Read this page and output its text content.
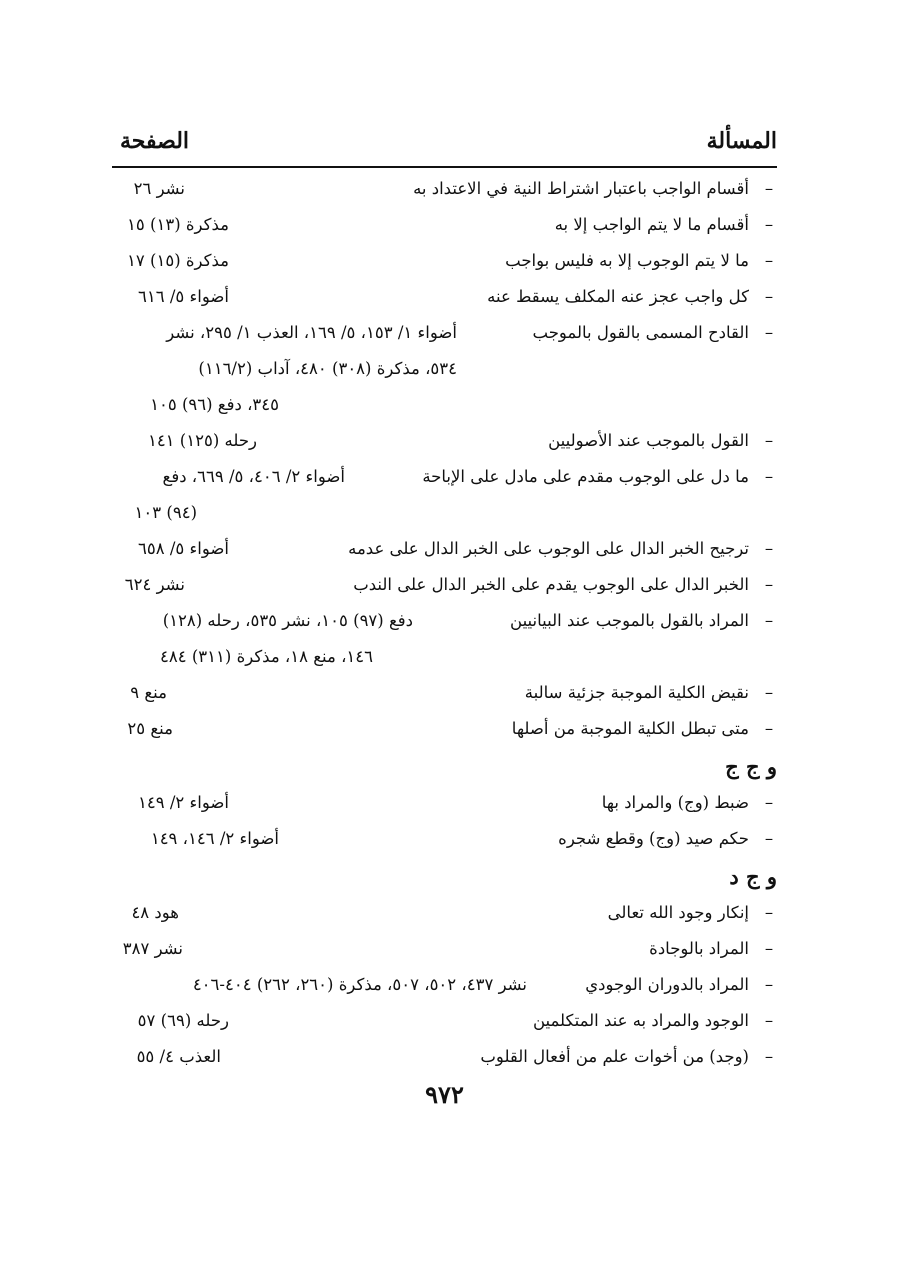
المسألة
الصفحة
–
أقسام الواجب باعتبار اشتراط النية في الاعتداد به
نشر ٢٦
–
أقسام ما لا يتم الواجب إلا به
مذكرة (١٣) ١٥
–
ما لا يتم الوجوب إلا به فليس بواجب
مذكرة (١٥) ١٧
–
كل واجب عجز عنه المكلف يسقط عنه
أضواء ٥/ ٦١٦
–
القادح المسمى بالقول بالموجب
أضواء ١/ ١٥٣، ٥/ ١٦٩، العذب ١/ ٢٩٥، نشر
٥٣٤، مذكرة (٣٠٨) ٤٨٠، آداب (١١٦/٢)
٣٤٥، دفع (٩٦) ١٠٥
–
القول بالموجب عند الأصوليين
رحله (١٢٥) ١٤١
–
ما دل على الوجوب مقدم على مادل على الإباحة
أضواء ٢/ ٤٠٦، ٥/ ٦٦٩، دفع
(٩٤) ١٠٣
–
ترجيح الخبر الدال على الوجوب على الخبر الدال على عدمه
أضواء ٥/ ٦٥٨
–
الخبر الدال على الوجوب يقدم على الخبر الدال على الندب
نشر ٦٢٤
–
المراد بالقول بالموجب عند البيانيين
دفع (٩٧) ١٠٥، نشر ٥٣٥، رحله (١٢٨)
١٤٦، منع ١٨، مذكرة (٣١١) ٤٨٤
–
نقيض الكلية الموجبة جزئية سالبة
منع ٩
–
متى تبطل الكلية الموجبة من أصلها
منع ٢٥
و ج ج
–
ضبط (وج) والمراد بها
أضواء ٢/ ١٤٩
–
حكم صيد (وج) وقطع شجره
أضواء ٢/ ١٤٦، ١٤٩
و ج د
–
إنكار وجود الله تعالى
هود ٤٨
–
المراد بالوجادة
نشر ٣٨٧
–
المراد بالدوران الوجودي
نشر ٤٣٧، ٥٠٢، ٥٠٧، مذكرة (٢٦٠، ٢٦٢) ٤٠٤-٤٠٦
–
الوجود والمراد به عند المتكلمين
رحله (٦٩) ٥٧
–
(وجد) من أخوات علم من أفعال القلوب
العذب ٤/ ٥٥
٩٧٢
